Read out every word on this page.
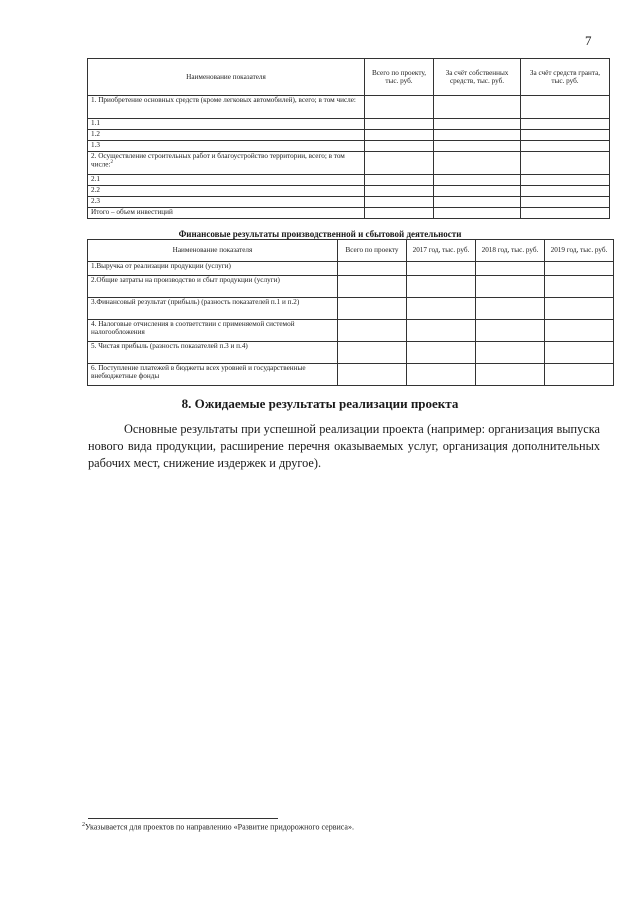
7
Наименование показателя	Всего по проекту, тыс. руб.	За счёт собственных средств, тыс. руб.	За счёт средств гранта, тыс. руб.
1. Приобретение основных средств (кроме легковых автомобилей), всего; в том числе:			
1.1			
1.2			
1.3			
2. Осуществление строительных работ и благоустройство территории, всего; в том числе:$^2$			
2.1			
2.2			
2.3			
Итого – объем инвестиций			
Финансовые результаты производственной и сбытовой деятельности
Наименование показателя	Всего по проекту	2017 год, тыс. руб.	2018 год, тыс. руб.	2019 год, тыс. руб.
1.Выручка от реализации продукции (услуги)				
2.Общие затраты на производство и сбыт продукции (услуги)				
3.Финансовый результат (прибыль) (разность показателей п.1 и п.2)				
4. Налоговые отчисления в соответствии с применяемой системой налогообложения				
5. Чистая прибыль (разность показателей п.3 и п.4)				
6. Поступление платежей в бюджеты всех уровней и государственные внебюджетные фонды				
8. Ожидаемые результаты реализации проекта

Основные результаты при успешной реализации проекта (например: организация выпуска нового вида продукции, расширение перечня оказываемых услуг, организация дополнительных рабочих мест, снижение издержек и другое).

$^2$Указывается для проектов по направлению «Развитие придорожного сервиса».
